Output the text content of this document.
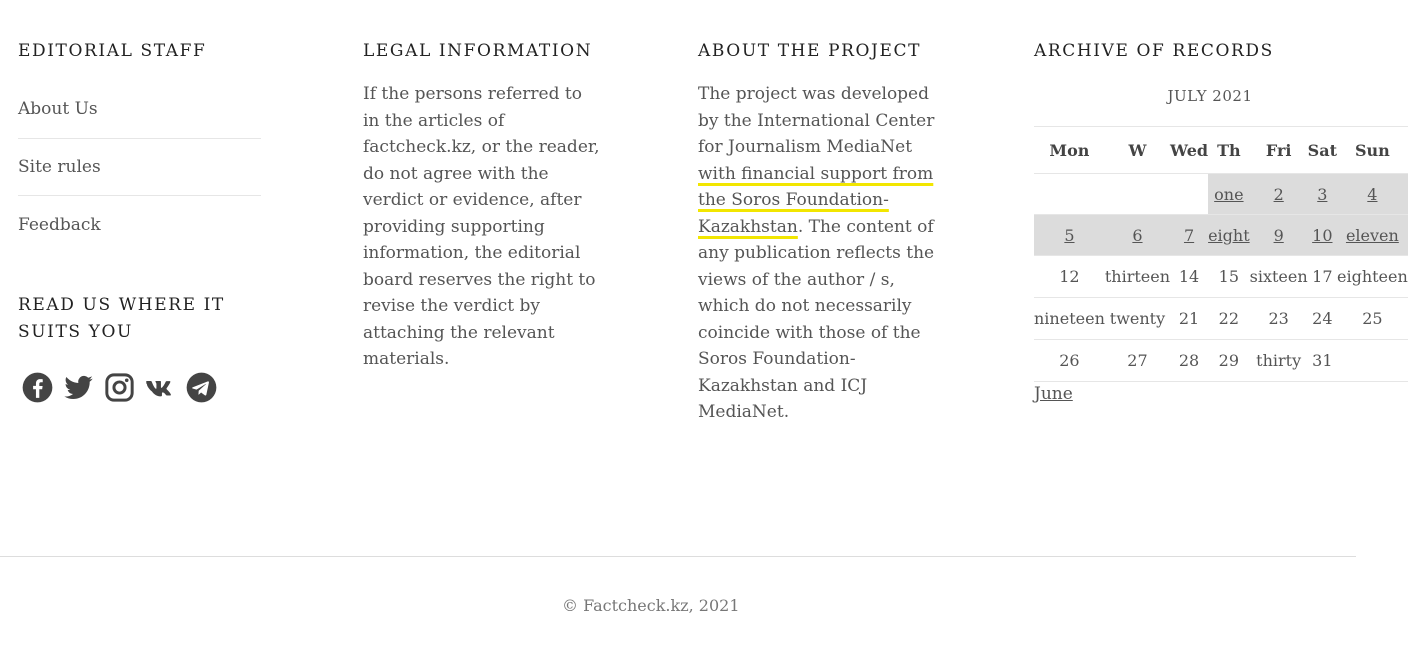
EDITORIAL STAFF
About Us
Site rules
Feedback
READ US WHERE IT SUITS YOU
LEGAL INFORMATION

If the persons referred to in the articles of factcheck.kz, or the reader, do not agree with the verdict or evidence, after providing supporting information, the editorial board reserves the right to revise the verdict by attaching the relevant materials.

ABOUT THE PROJECT

The project was developed by the International Center for Journalism MediaNet with financial support from the Soros Foundation-Kazakhstan. The content of any publication reflects the views of the author / s, which do not necessarily coincide with those of the Soros Foundation-Kazakhstan and ICJ MediaNet.

ARCHIVE OF RECORDS
JULY 2021
Mon	W	Wed	Th	Fri	Sat	Sun
			one	2	3	4
5	6	7	eight	9	10	eleven
12	thirteen	14	15	sixteen	17	eighteen
nineteen	twenty	21	22	23	24	25
26	27	28	29	thirty	31	
June
© Factcheck.kz, 2021
